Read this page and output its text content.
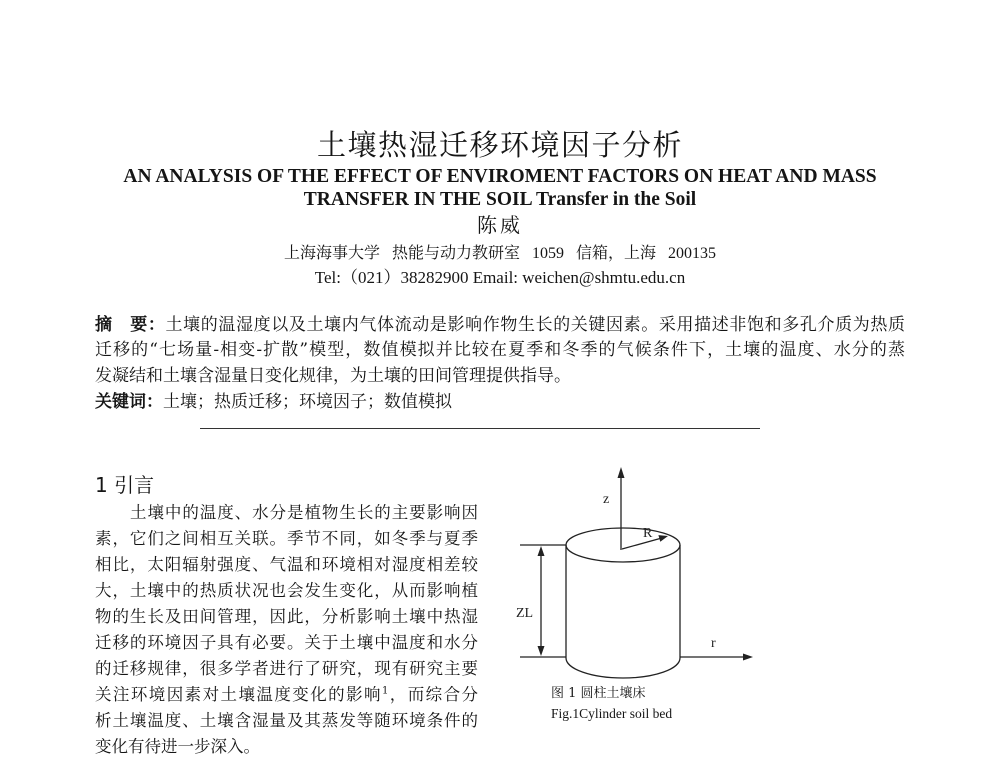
土壤热湿迁移环境因子分析
AN ANALYSIS OF THE EFFECT OF ENVIROMENT FACTORS ON HEAT AND MASS
TRANSFER IN THE SOIL Transfer in the Soil
陈威
上海海事大学 热能与动力教研室 1059 信箱，上海 200135
Tel:（021）38282900 Email: weichen@shmtu.edu.cn
摘　要：土壤的温湿度以及土壤内气体流动是影响作物生长的关键因素。采用描述非饱和多孔介质为热质
迁移的“七场量-相变-扩散”模型，数值模拟并比较在夏季和冬季的气候条件下，土壤的温度、水分的蒸
发凝结和土壤含湿量日变化规律，为土壤的田间管理提供指导。
关键词：土壤；热质迁移；环境因子；数值模拟
1 引言
土壤中的温度、水分是植物生长的主要影响因
素，它们之间相互关联。季节不同，如冬季与夏季
相比，太阳辐射强度、气温和环境相对湿度相差较
大，土壤中的热质状况也会发生变化，从而影响植
物的生长及田间管理，因此，分析影响土壤中热湿
迁移的环境因子具有必要。关于土壤中温度和水分
的迁移规律，很多学者进行了研究，现有研究主要
关注环境因素对土壤温度变化的影响$^1$，而综合分
析土壤温度、土壤含湿量及其蒸发等随环境条件的
变化有待进一步深入。
z
R
ZL
r
图 1 圆柱土壤床
Fig.1Cylinder soil bed
